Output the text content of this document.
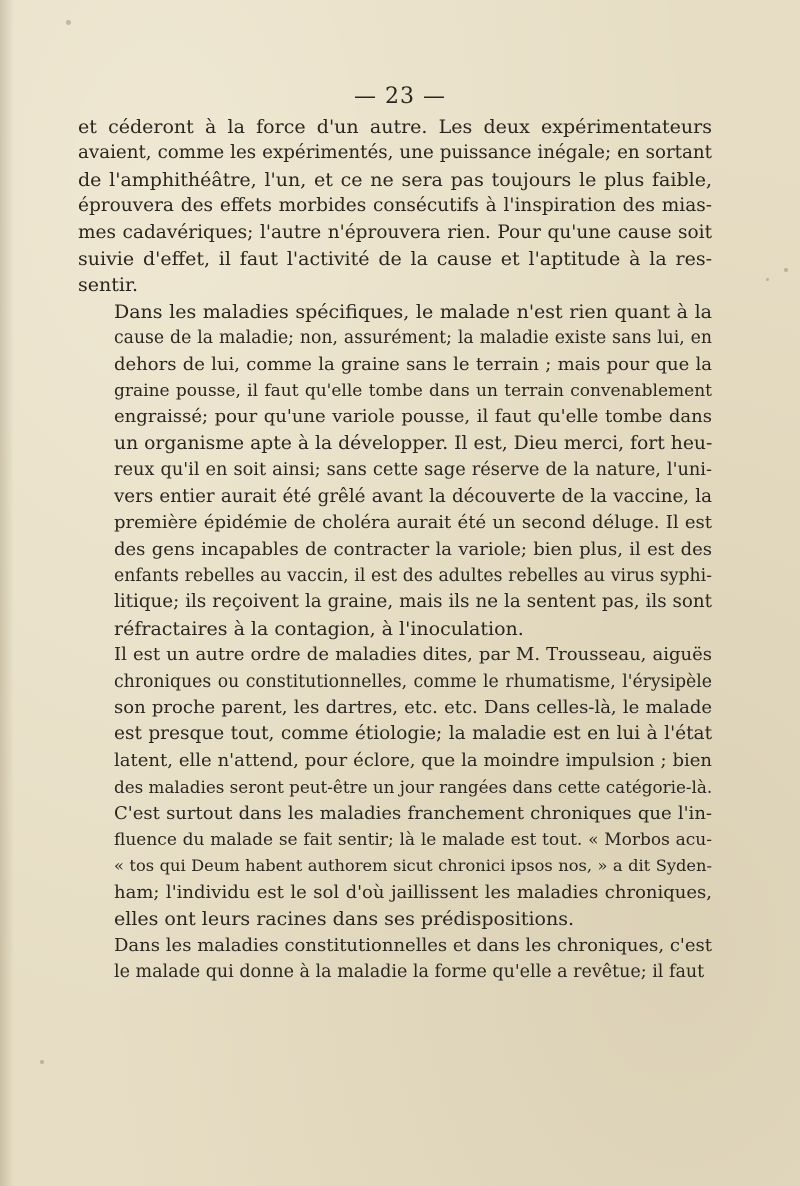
— 23 —
et céderont à la force d'un autre. Les deux expérimentateurs
avaient, comme les expérimentés, une puissance inégale; en sortant
de l'amphithéâtre, l'un, et ce ne sera pas toujours le plus faible,
éprouvera des effets morbides consécutifs à l'inspiration des mias-
mes cadavériques; l'autre n'éprouvera rien. Pour qu'une cause soit
suivie d'effet, il faut l'activité de la cause et l'aptitude à la res-
sentir.
Dans les maladies spécifiques, le malade n'est rien quant à la
cause de la maladie; non, assurément; la maladie existe sans lui, en
dehors de lui, comme la graine sans le terrain ; mais pour que la
graine pousse, il faut qu'elle tombe dans un terrain convenablement
engraissé; pour qu'une variole pousse, il faut qu'elle tombe dans
un organisme apte à la développer. Il est, Dieu merci, fort heu-
reux qu'il en soit ainsi; sans cette sage réserve de la nature, l'uni-
vers entier aurait été grêlé avant la découverte de la vaccine, la
première épidémie de choléra aurait été un second déluge. Il est
des gens incapables de contracter la variole; bien plus, il est des
enfants rebelles au vaccin, il est des adultes rebelles au virus syphi-
litique; ils reçoivent la graine, mais ils ne la sentent pas, ils sont
réfractaires à la contagion, à l'inoculation.
Il est un autre ordre de maladies dites, par M. Trousseau, aiguës
chroniques ou constitutionnelles, comme le rhumatisme, l'érysipèle
son proche parent, les dartres, etc. etc. Dans celles-là, le malade
est presque tout, comme étiologie; la maladie est en lui à l'état
latent, elle n'attend, pour éclore, que la moindre impulsion ; bien
des maladies seront peut-être un jour rangées dans cette catégorie-là.
C'est surtout dans les maladies franchement chroniques que l'in-
fluence du malade se fait sentir; là le malade est tout. « Morbos acu-
« tos qui Deum habent authorem sicut chronici ipsos nos, » a dit Syden-
ham; l'individu est le sol d'où jaillissent les maladies chroniques,
elles ont leurs racines dans ses prédispositions.
Dans les maladies constitutionnelles et dans les chroniques, c'est
le malade qui donne à la maladie la forme qu'elle a revêtue; il faut
